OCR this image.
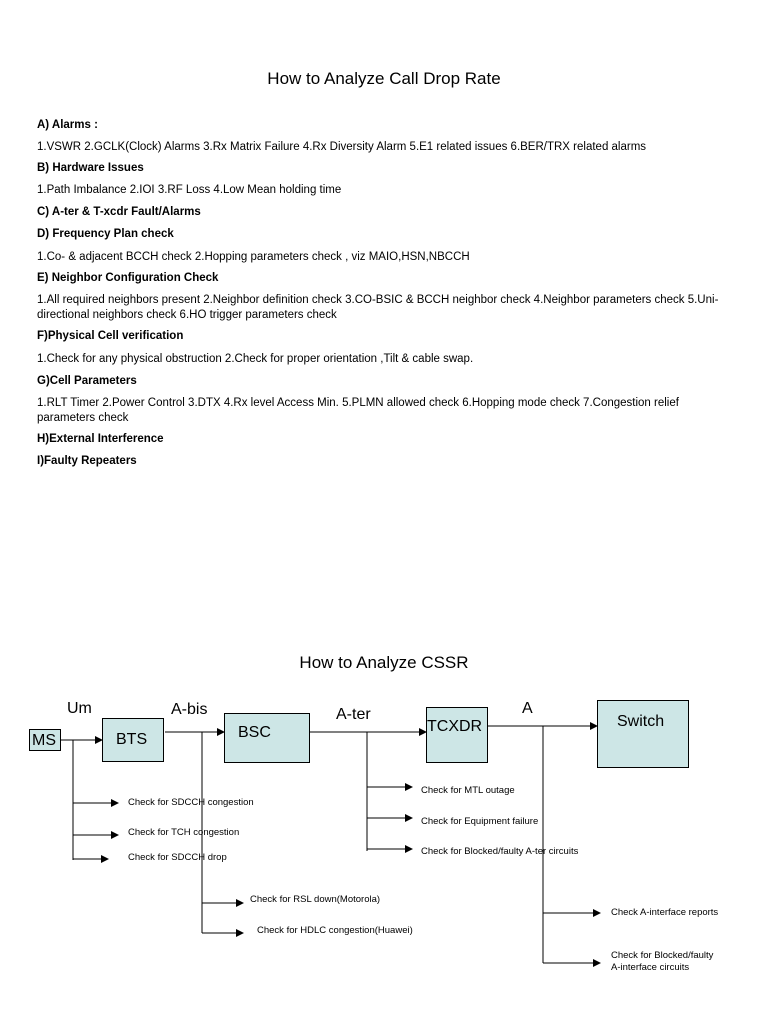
How to Analyze Call Drop Rate
A) Alarms :
1.VSWR 2.GCLK(Clock) Alarms 3.Rx Matrix Failure 4.Rx Diversity Alarm 5.E1 related issues 6.BER/TRX related alarms
B) Hardware Issues
1.Path Imbalance 2.IOI 3.RF Loss 4.Low Mean holding time
C) A-ter & T-xcdr Fault/Alarms
D) Frequency Plan check
1.Co- & adjacent BCCH check 2.Hopping parameters check , viz MAIO,HSN,NBCCH
E) Neighbor Configuration Check
1.All required neighbors present 2.Neighbor definition check 3.CO-BSIC & BCCH neighbor check 4.Neighbor parameters check 5.Uni-directional neighbors check 6.HO trigger parameters check
F)Physical Cell verification
1.Check for any physical obstruction 2.Check for proper orientation ,Tilt & cable swap.
G)Cell Parameters
1.RLT Timer 2.Power Control 3.DTX 4.Rx level Access Min. 5.PLMN allowed check 6.Hopping mode check 7.Congestion relief parameters check
H)External Interference
I)Faulty Repeaters
How to Analyze CSSR
MS	BTS	BSC	TCXDR	Switch
Um	A-bis	A-ter	A
Check for SDCCH congestion
Check for TCH congestion
Check for SDCCH drop
Check for RSL down(Motorola)
Check for HDLC congestion(Huawei)
Check for MTL outage
Check for Equipment failure
Check for Blocked/faulty A-ter circuits
Check A-interface reports
Check for Blocked/faulty
A-interface circuits
